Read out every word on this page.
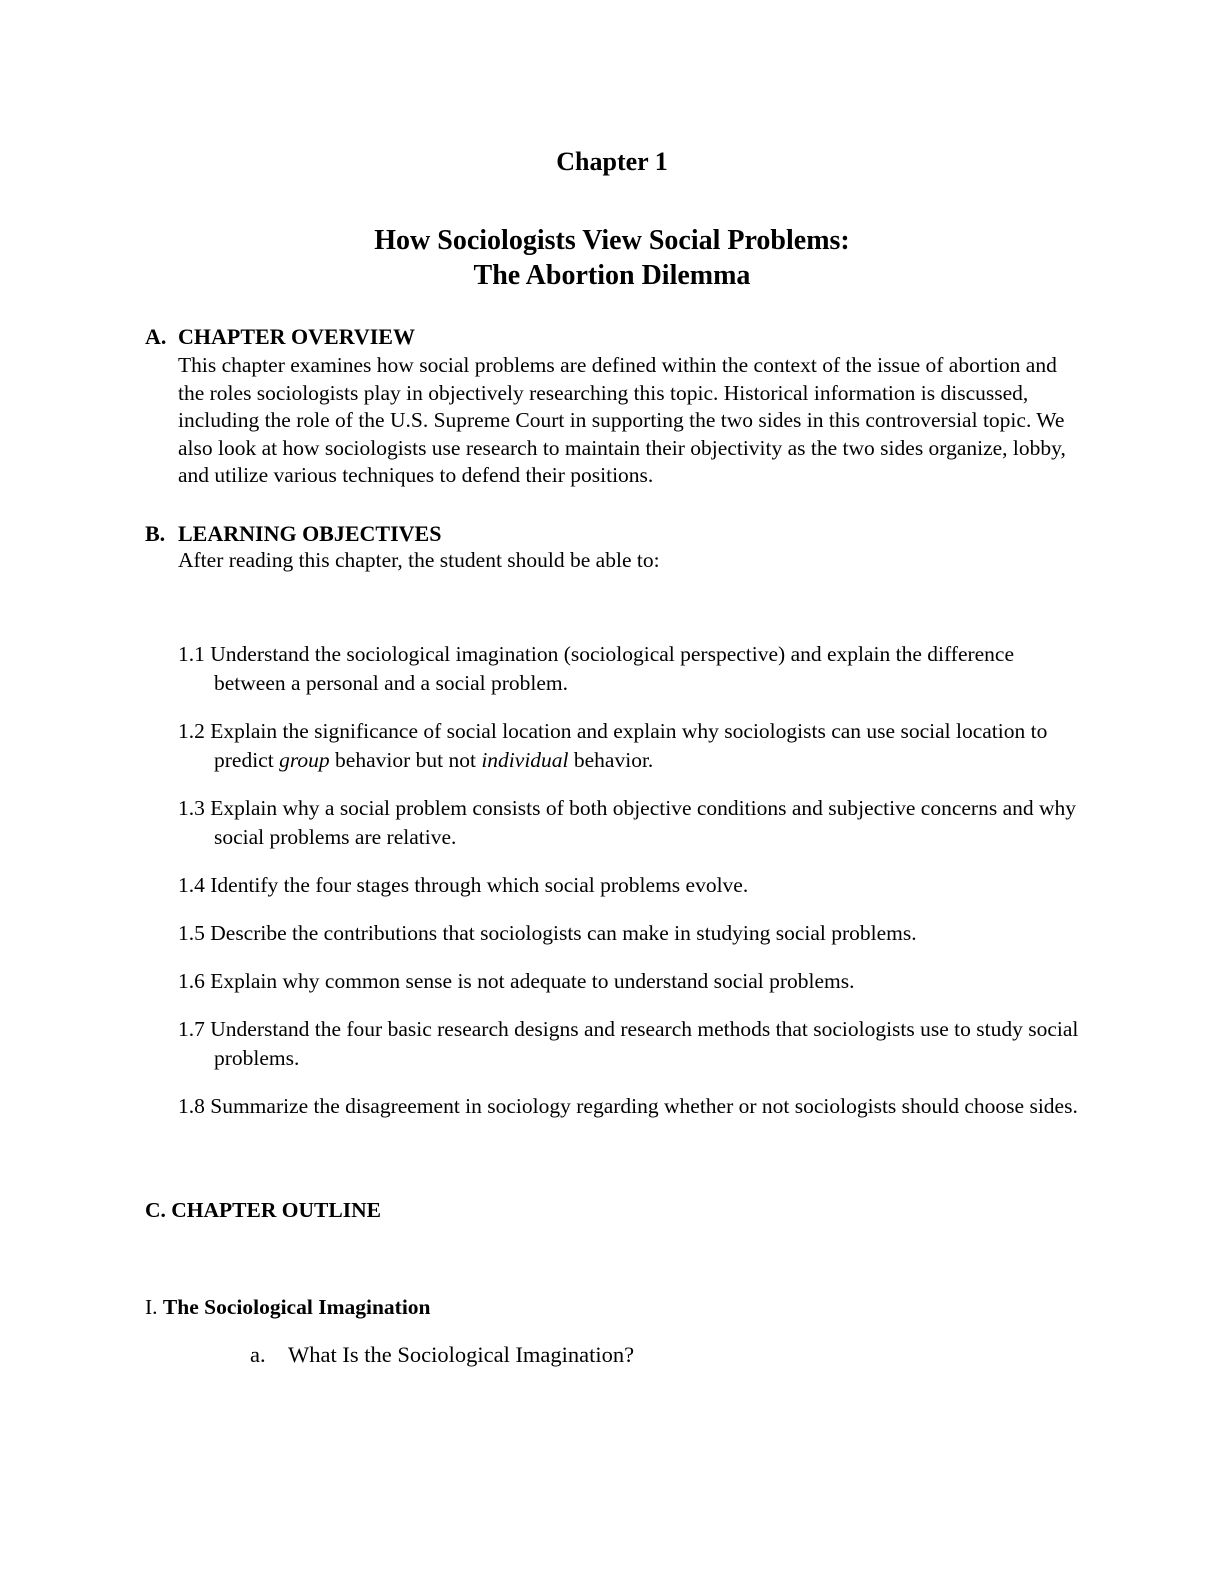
Chapter 1
How Sociologists View Social Problems:
The Abortion Dilemma
A. CHAPTER OVERVIEW

This chapter examines how social problems are defined within the context of the issue of abortion and the roles sociologists play in objectively researching this topic. Historical information is discussed, including the role of the U.S. Supreme Court in supporting the two sides in this controversial topic. We also look at how sociologists use research to maintain their objectivity as the two sides organize, lobby, and utilize various techniques to defend their positions.

B. LEARNING OBJECTIVES

After reading this chapter, the student should be able to:

1.1 Understand the sociological imagination (sociological perspective) and explain the difference between a personal and a social problem.
1.2 Explain the significance of social location and explain why sociologists can use social location to predict group behavior but not individual behavior.
1.3 Explain why a social problem consists of both objective conditions and subjective concerns and why social problems are relative.
1.4 Identify the four stages through which social problems evolve.
1.5 Describe the contributions that sociologists can make in studying social problems.
1.6 Explain why common sense is not adequate to understand social problems.
1.7 Understand the four basic research designs and research methods that sociologists use to study social problems.
1.8 Summarize the disagreement in sociology regarding whether or not sociologists should choose sides.
C. CHAPTER OUTLINE
I. The Sociological Imagination
a. What Is the Sociological Imagination?
